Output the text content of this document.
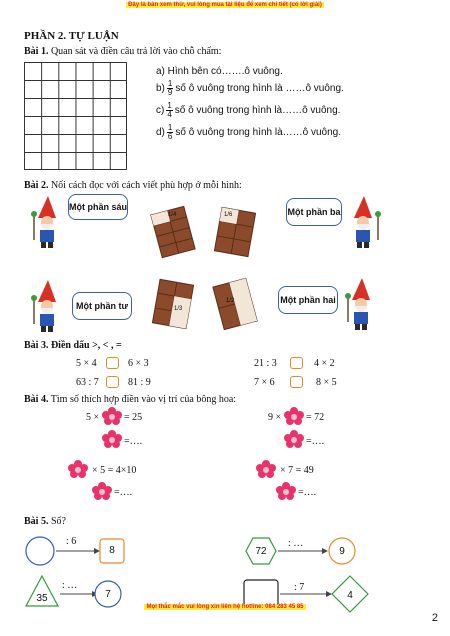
Đây là bản xem thử, vui lòng mua tài liệu để xem chi tiết (có lời giải)
PHẦN 2. TỰ LUẬN
Bài 1. Quan sát và điền câu trả lời vào chỗ chấm:
a) Hình bên có…….ô vuông.
$b) \frac{1}{9}$ số ô vuông trong hình là ……ô vuông.
$c) \frac{1}{4}$ số ô vuông trong hình là……ô vuông.
$d) \frac{1}{6}$ số ô vuông trong hình là……ô vuông.
Bài 2. Nối cách đọc với cách viết phù hợp ở mỗi hình:
Một phần sáu	Một phần ba
1/4	1/6
Một phần tư	1/3
1/2	Một phần hai
Bài 3. Điền dấu >, < , =
5 × 4	6 × 3	21 : 3	4 × 2
63 : 7	81 : 9	7 × 6	8 × 5
Bài 4. Tìm số thích hợp điền vào vị trí của bông hoa:
5 × = 25
=….
9 × = 72
=….
× 5 = 4×10
=….
× 7 = 49
=….
Bài 5. Số?
: 6
8	72
: …
9
35
: …
7
: 7
4
Mọi thắc mắc vui lòng xin liên hệ hotline: 084 283 45 85
2
